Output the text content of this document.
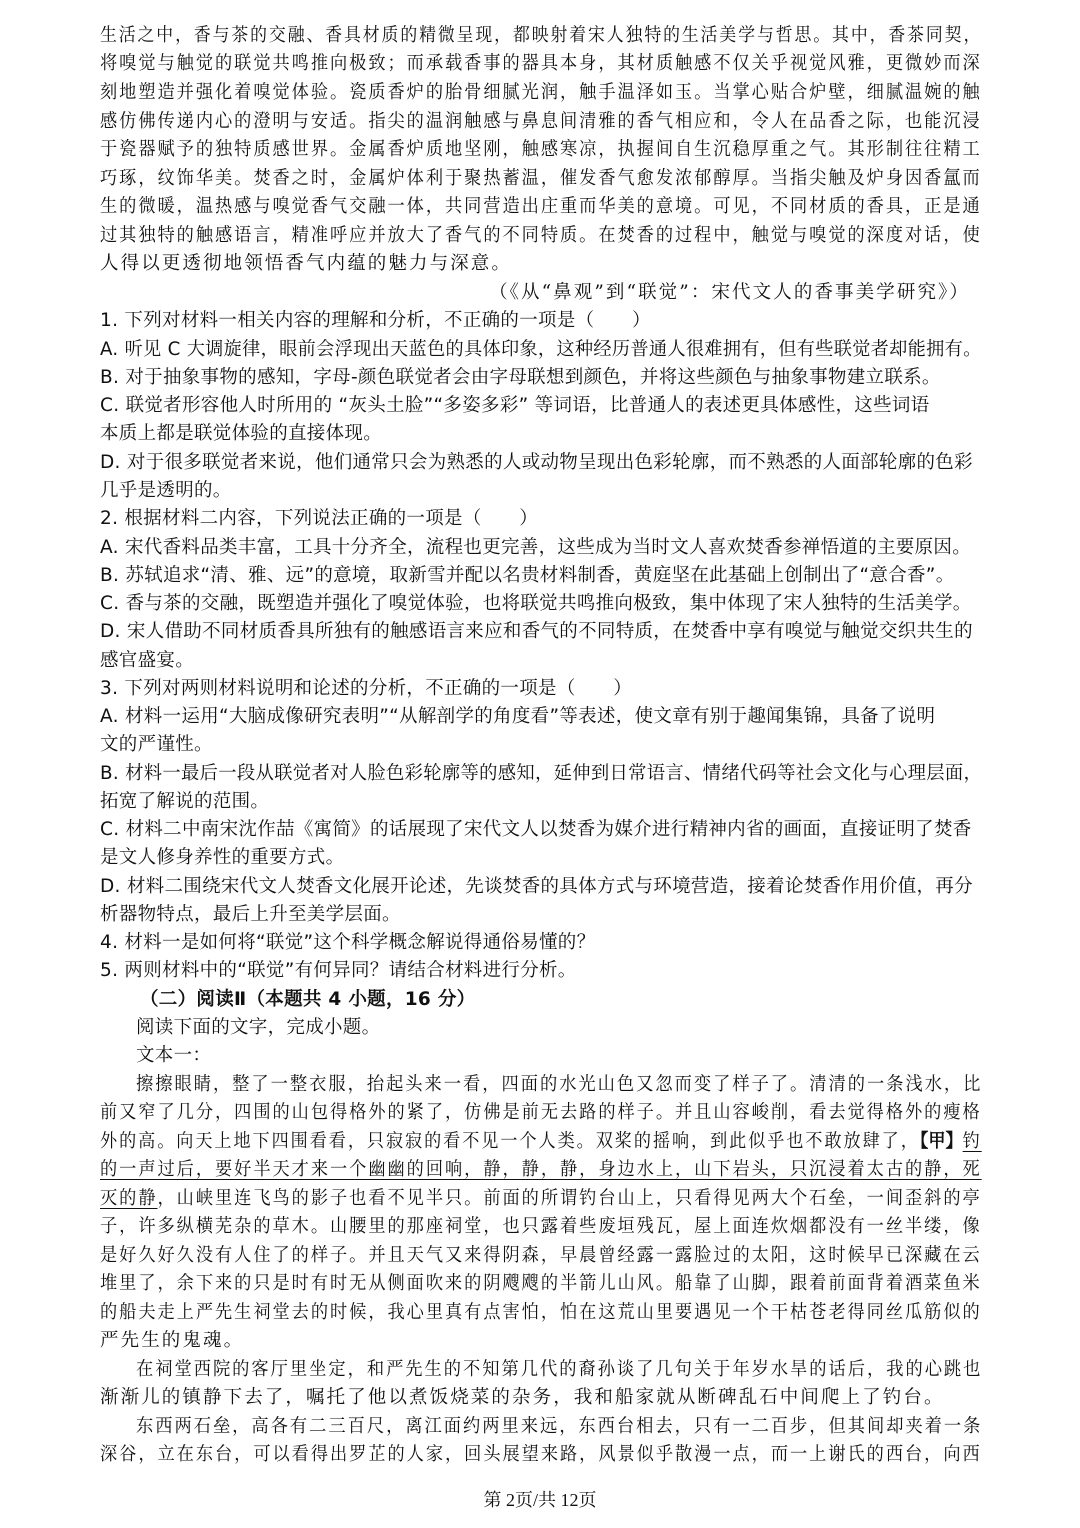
生活之中，香与茶的交融、香具材质的精微呈现，都映射着宋人独特的生活美学与哲思。其中，香茶同契，
将嗅觉与触觉的联觉共鸣推向极致；而承载香事的器具本身，其材质触感不仅关乎视觉风雅，更微妙而深
刻地塑造并强化着嗅觉体验。瓷质香炉的胎骨细腻光润，触手温泽如玉。当掌心贴合炉壁，细腻温婉的触
感仿佛传递内心的澄明与安适。指尖的温润触感与鼻息间清雅的香气相应和，令人在品香之际，也能沉浸
于瓷器赋予的独特质感世界。金属香炉质地坚刚，触感寒凉，执握间自生沉稳厚重之气。其形制往往精工
巧琢，纹饰华美。焚香之时，金属炉体利于聚热蓄温，催发香气愈发浓郁醇厚。当指尖触及炉身因香氲而
生的微暖，温热感与嗅觉香气交融一体，共同营造出庄重而华美的意境。可见，不同材质的香具，正是通
过其独特的触感语言，精准呼应并放大了香气的不同特质。在焚香的过程中，触觉与嗅觉的深度对话，使
人得以更透彻地领悟香气内蕴的魅力与深意。
（《从“鼻观”到“联觉”：宋代文人的香事美学研究》）
1. 下列对材料一相关内容的理解和分析，不正确的一项是（　　）
A. 听见 C 大调旋律，眼前会浮现出天蓝色的具体印象，这种经历普通人很难拥有，但有些联觉者却能拥有。
B. 对于抽象事物的感知，字母-颜色联觉者会由字母联想到颜色，并将这些颜色与抽象事物建立联系。
C. 联觉者形容他人时所用的 “灰头土脸”“多姿多彩” 等词语，比普通人的表述更具体感性，这些词语
本质上都是联觉体验的直接体现。
D. 对于很多联觉者来说，他们通常只会为熟悉的人或动物呈现出色彩轮廓，而不熟悉的人面部轮廓的色彩
几乎是透明的。
2. 根据材料二内容，下列说法正确的一项是（　　）
A. 宋代香料品类丰富，工具十分齐全，流程也更完善，这些成为当时文人喜欢焚香参禅悟道的主要原因。
B. 苏轼追求“清、雅、远”的意境，取新雪并配以名贵材料制香，黄庭坚在此基础上创制出了“意合香”。
C. 香与茶的交融，既塑造并强化了嗅觉体验，也将联觉共鸣推向极致，集中体现了宋人独特的生活美学。
D. 宋人借助不同材质香具所独有的触感语言来应和香气的不同特质，在焚香中享有嗅觉与触觉交织共生的
感官盛宴。
3. 下列对两则材料说明和论述的分析，不正确的一项是（　　）
A. 材料一运用“大脑成像研究表明”“从解剖学的角度看”等表述，使文章有别于趣闻集锦，具备了说明
文的严谨性。
B. 材料一最后一段从联觉者对人脸色彩轮廓等的感知，延伸到日常语言、情绪代码等社会文化与心理层面，
拓宽了解说的范围。
C. 材料二中南宋沈作喆《寓简》的话展现了宋代文人以焚香为媒介进行精神内省的画面，直接证明了焚香
是文人修身养性的重要方式。
D. 材料二围绕宋代文人焚香文化展开论述，先谈焚香的具体方式与环境营造，接着论焚香作用价值，再分
析器物特点，最后上升至美学层面。
4. 材料一是如何将“联觉”这个科学概念解说得通俗易懂的？
5. 两则材料中的“联觉”有何异同？请结合材料进行分析。
（二）阅读Ⅱ（本题共 4 小题，16 分）
阅读下面的文字，完成小题。
文本一：
擦擦眼睛，整了一整衣服，抬起头来一看，四面的水光山色又忽而变了样子了。清清的一条浅水，比
前又窄了几分，四围的山包得格外的紧了，仿佛是前无去路的样子。并且山容峻削，看去觉得格外的瘦格
外的高。向天上地下四围看看，只寂寂的看不见一个人类。双桨的摇响，到此似乎也不敢放肆了，【甲】钓
的一声过后，要好半天才来一个幽幽的回响，静，静，静，身边水上，山下岩头，只沉浸着太古的静，死
灭的静，山峡里连飞鸟的影子也看不见半只。前面的所谓钓台山上，只看得见两大个石垒，一间歪斜的亭
子，许多纵横芜杂的草木。山腰里的那座祠堂，也只露着些废垣残瓦，屋上面连炊烟都没有一丝半缕，像
是好久好久没有人住了的样子。并且天气又来得阴森，早晨曾经露一露脸过的太阳，这时候早已深藏在云
堆里了，余下来的只是时有时无从侧面吹来的阴飕飕的半箭儿山风。船靠了山脚，跟着前面背着酒菜鱼米
的船夫走上严先生祠堂去的时候，我心里真有点害怕，怕在这荒山里要遇见一个干枯苍老得同丝瓜筋似的
严先生的鬼魂。
在祠堂西院的客厅里坐定，和严先生的不知第几代的裔孙谈了几句关于年岁水旱的话后，我的心跳也
渐渐儿的镇静下去了，嘱托了他以煮饭烧菜的杂务，我和船家就从断碑乱石中间爬上了钓台。
东西两石垒，高各有二三百尺，离江面约两里来远，东西台相去，只有一二百步，但其间却夹着一条
深谷，立在东台，可以看得出罗芷的人家，回头展望来路，风景似乎散漫一点，而一上谢氏的西台，向西
第 2页/共 12页
